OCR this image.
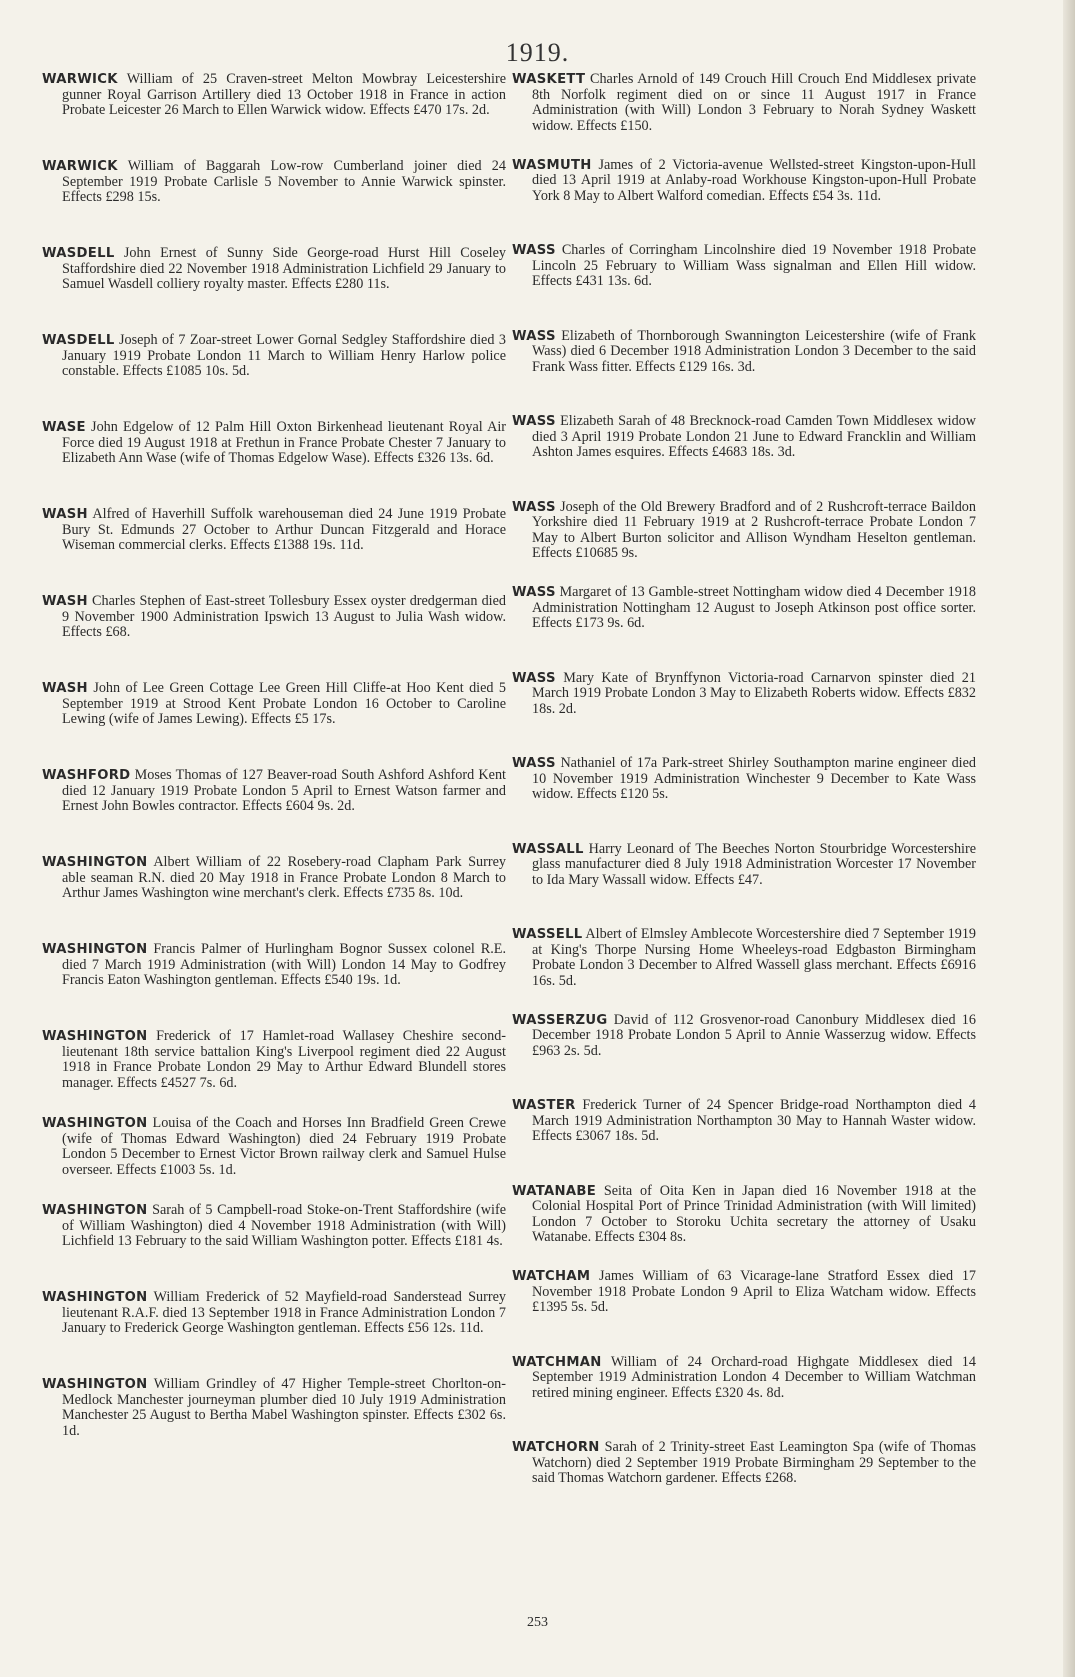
1919.

WARWICK William of 25 Craven-street Melton Mowbray Leicestershire gunner Royal Garrison Artillery died 13 October 1918 in France in action Probate Leicester 26 March to Ellen Warwick widow. Effects £470 17s. 2d.

WARWICK William of Baggarah Low-row Cumberland joiner died 24 September 1919 Probate Carlisle 5 November to Annie Warwick spinster. Effects £298 15s.

WASDELL John Ernest of Sunny Side George-road Hurst Hill Coseley Staffordshire died 22 November 1918 Administration Lichfield 29 January to Samuel Wasdell colliery royalty master. Effects £280 11s.

WASDELL Joseph of 7 Zoar-street Lower Gornal Sedgley Staffordshire died 3 January 1919 Probate London 11 March to William Henry Harlow police constable. Effects £1085 10s. 5d.

WASE John Edgelow of 12 Palm Hill Oxton Birkenhead lieutenant Royal Air Force died 19 August 1918 at Frethun in France Probate Chester 7 January to Elizabeth Ann Wase (wife of Thomas Edgelow Wase). Effects £326 13s. 6d.

WASH Alfred of Haverhill Suffolk warehouseman died 24 June 1919 Probate Bury St. Edmunds 27 October to Arthur Duncan Fitzgerald and Horace Wiseman commercial clerks. Effects £1388 19s. 11d.

WASH Charles Stephen of East-street Tollesbury Essex oyster dredgerman died 9 November 1900 Administration Ipswich 13 August to Julia Wash widow. Effects £68.

WASH John of Lee Green Cottage Lee Green Hill Cliffe-at Hoo Kent died 5 September 1919 at Strood Kent Probate London 16 October to Caroline Lewing (wife of James Lewing). Effects £5 17s.

WASHFORD Moses Thomas of 127 Beaver-road South Ashford Ashford Kent died 12 January 1919 Probate London 5 April to Ernest Watson farmer and Ernest John Bowles contractor. Effects £604 9s. 2d.

WASHINGTON Albert William of 22 Rosebery-road Clapham Park Surrey able seaman R.N. died 20 May 1918 in France Probate London 8 March to Arthur James Washington wine merchant's clerk. Effects £735 8s. 10d.

WASHINGTON Francis Palmer of Hurlingham Bognor Sussex colonel R.E. died 7 March 1919 Administration (with Will) London 14 May to Godfrey Francis Eaton Washington gentleman. Effects £540 19s. 1d.

WASHINGTON Frederick of 17 Hamlet-road Wallasey Cheshire second-lieutenant 18th service battalion King's Liverpool regiment died 22 August 1918 in France Probate London 29 May to Arthur Edward Blundell stores manager. Effects £4527 7s. 6d.

WASHINGTON Louisa of the Coach and Horses Inn Bradfield Green Crewe (wife of Thomas Edward Washington) died 24 February 1919 Probate London 5 December to Ernest Victor Brown railway clerk and Samuel Hulse overseer. Effects £1003 5s. 1d.

WASHINGTON Sarah of 5 Campbell-road Stoke-on-Trent Staffordshire (wife of William Washington) died 4 November 1918 Administration (with Will) Lichfield 13 February to the said William Washington potter. Effects £181 4s.

WASHINGTON William Frederick of 52 Mayfield-road Sanderstead Surrey lieutenant R.A.F. died 13 September 1918 in France Administration London 7 January to Frederick George Washington gentleman. Effects £56 12s. 11d.

WASHINGTON William Grindley of 47 Higher Temple-street Chorlton-on-Medlock Manchester journeyman plumber died 10 July 1919 Administration Manchester 25 August to Bertha Mabel Washington spinster. Effects £302 6s. 1d.

WASKETT Charles Arnold of 149 Crouch Hill Crouch End Middlesex private 8th Norfolk regiment died on or since 11 August 1917 in France Administration (with Will) London 3 February to Norah Sydney Waskett widow. Effects £150.

WASMUTH James of 2 Victoria-avenue Wellsted-street Kingston-upon-Hull died 13 April 1919 at Anlaby-road Workhouse Kingston-upon-Hull Probate York 8 May to Albert Walford comedian. Effects £54 3s. 11d.

WASS Charles of Corringham Lincolnshire died 19 November 1918 Probate Lincoln 25 February to William Wass signalman and Ellen Hill widow. Effects £431 13s. 6d.

WASS Elizabeth of Thornborough Swannington Leicestershire (wife of Frank Wass) died 6 December 1918 Administration London 3 December to the said Frank Wass fitter. Effects £129 16s. 3d.

WASS Elizabeth Sarah of 48 Brecknock-road Camden Town Middlesex widow died 3 April 1919 Probate London 21 June to Edward Francklin and William Ashton James esquires. Effects £4683 18s. 3d.

WASS Joseph of the Old Brewery Bradford and of 2 Rushcroft-terrace Baildon Yorkshire died 11 February 1919 at 2 Rushcroft-terrace Probate London 7 May to Albert Burton solicitor and Allison Wyndham Heselton gentleman. Effects £10685 9s.

WASS Margaret of 13 Gamble-street Nottingham widow died 4 December 1918 Administration Nottingham 12 August to Joseph Atkinson post office sorter. Effects £173 9s. 6d.

WASS Mary Kate of Brynffynon Victoria-road Carnarvon spinster died 21 March 1919 Probate London 3 May to Elizabeth Roberts widow. Effects £832 18s. 2d.

WASS Nathaniel of 17a Park-street Shirley Southampton marine engineer died 10 November 1919 Administration Winchester 9 December to Kate Wass widow. Effects £120 5s.

WASSALL Harry Leonard of The Beeches Norton Stourbridge Worcestershire glass manufacturer died 8 July 1918 Administration Worcester 17 November to Ida Mary Wassall widow. Effects £47.

WASSELL Albert of Elmsley Amblecote Worcestershire died 7 September 1919 at King's Thorpe Nursing Home Wheeleys-road Edgbaston Birmingham Probate London 3 December to Alfred Wassell glass merchant. Effects £6916 16s. 5d.

WASSERZUG David of 112 Grosvenor-road Canonbury Middlesex died 16 December 1918 Probate London 5 April to Annie Wasserzug widow. Effects £963 2s. 5d.

WASTER Frederick Turner of 24 Spencer Bridge-road Northampton died 4 March 1919 Administration Northampton 30 May to Hannah Waster widow. Effects £3067 18s. 5d.

WATANABE Seita of Oita Ken in Japan died 16 November 1918 at the Colonial Hospital Port of Prince Trinidad Administration (with Will limited) London 7 October to Storoku Uchita secretary the attorney of Usaku Watanabe. Effects £304 8s.

WATCHAM James William of 63 Vicarage-lane Stratford Essex died 17 November 1918 Probate London 9 April to Eliza Watcham widow. Effects £1395 5s. 5d.

WATCHMAN William of 24 Orchard-road Highgate Middlesex died 14 September 1919 Administration London 4 December to William Watchman retired mining engineer. Effects £320 4s. 8d.

WATCHORN Sarah of 2 Trinity-street East Leamington Spa (wife of Thomas Watchorn) died 2 September 1919 Probate Birmingham 29 September to the said Thomas Watchorn gardener. Effects £268.

253
